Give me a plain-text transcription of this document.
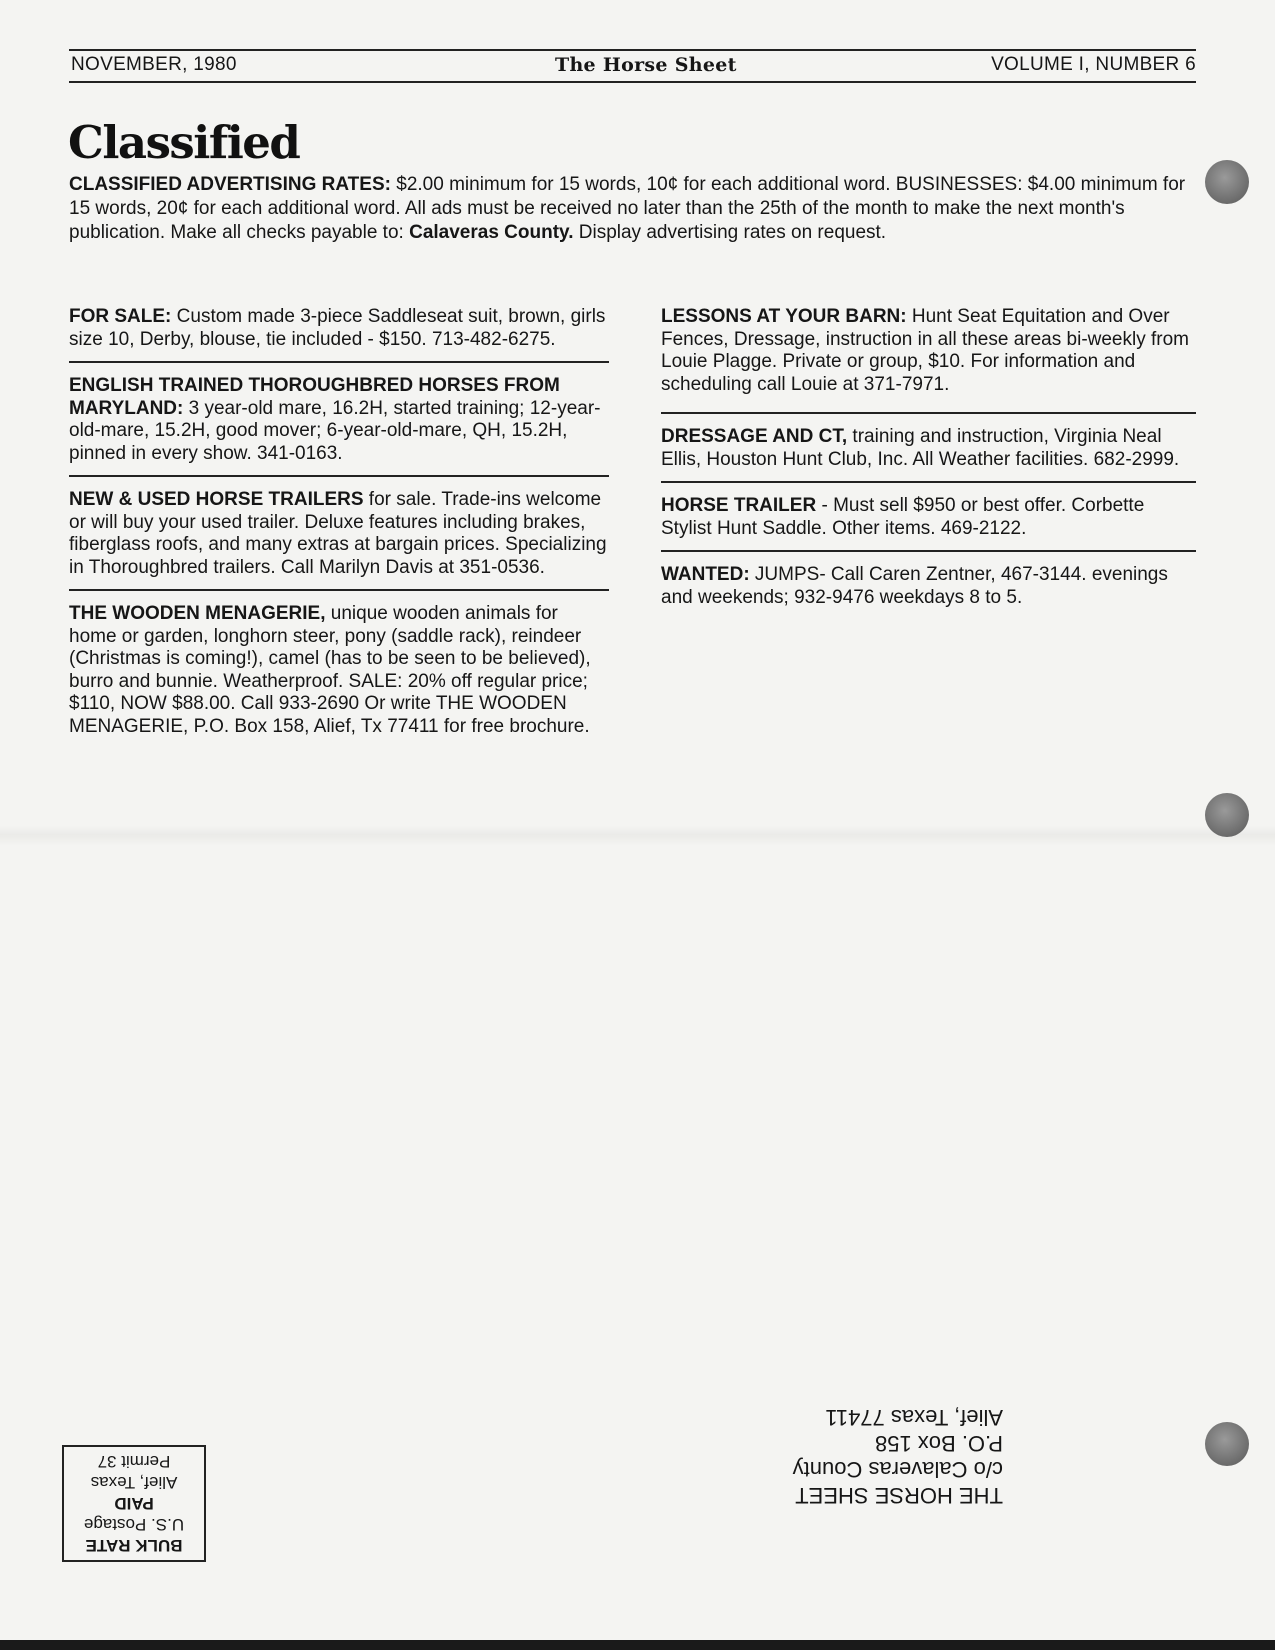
NOVEMBER, 1980	The Horse Sheet	VOLUME I, NUMBER 6
Classified

CLASSIFIED ADVERTISING RATES: $2.00 minimum for 15 words, 10¢ for each additional word. BUSINESSES: $4.00 minimum for 15 words, 20¢ for each additional word. All ads must be received no later than the 25th of the month to make the next month's publication. Make all checks payable to: Calaveras County. Display advertising rates on request.

FOR SALE: Custom made 3-piece Saddleseat suit, brown, girls size 10, Derby, blouse, tie included - $150. 713-482-6275.

ENGLISH TRAINED THOROUGHBRED HORSES FROM MARYLAND: 3 year-old mare, 16.2H, started training; 12-year-old-mare, 15.2H, good mover; 6-year-old-mare, QH, 15.2H, pinned in every show. 341-0163.

NEW & USED HORSE TRAILERS for sale. Trade-ins welcome or will buy your used trailer. Deluxe features including brakes, fiberglass roofs, and many extras at bargain prices. Specializing in Thoroughbred trailers. Call Marilyn Davis at 351-0536.

THE WOODEN MENAGERIE, unique wooden animals for home or garden, longhorn steer, pony (saddle rack), reindeer (Christmas is coming!), camel (has to be seen to be believed), burro and bunnie. Weatherproof. SALE: 20% off regular price; $110, NOW $88.00. Call 933-2690 Or write THE WOODEN MENAGERIE, P.O. Box 158, Alief, Tx 77411 for free brochure.

LESSONS AT YOUR BARN: Hunt Seat Equitation and Over Fences, Dressage, instruction in all these areas bi-weekly from Louie Plagge. Private or group, $10. For information and scheduling call Louie at 371-7971.

DRESSAGE AND CT, training and instruction, Virginia Neal Ellis, Houston Hunt Club, Inc. All Weather facilities. 682-2999.

HORSE TRAILER - Must sell $950 or best offer. Corbette Stylist Hunt Saddle. Other items. 469-2122.

WANTED: JUMPS- Call Caren Zentner, 467-3144. evenings and weekends; 932-9476 weekdays 8 to 5.

BULK RATE
U.S. Postage
PAID
Alief, Texas
Permit 37
THE HORSE SHEET
c/o Calaveras County
P.O. Box 158
Alief, Texas 77411
